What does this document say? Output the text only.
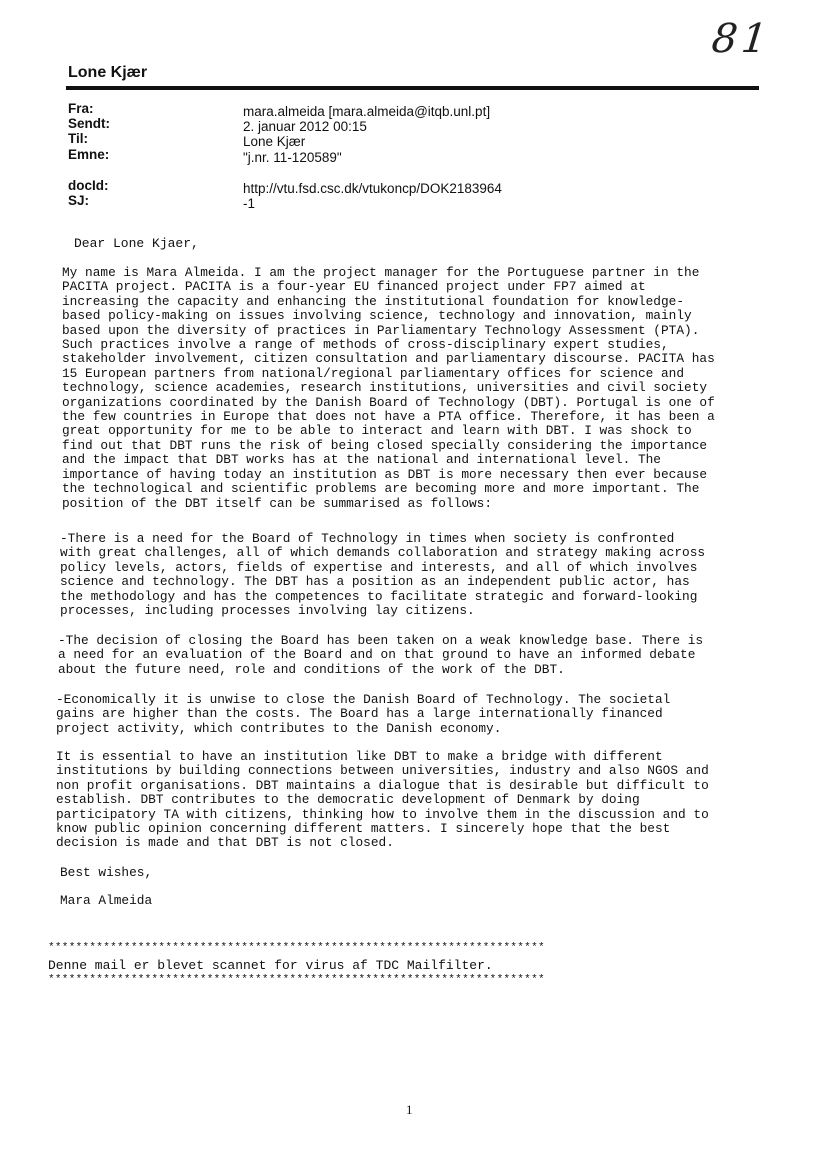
81
Lone Kjær
Fra:	mara.almeida [mara.almeida@itqb.unl.pt]
Sendt:	2. januar 2012 00:15
Til:	Lone Kjær
Emne:	"j.nr. 11-120589"
docId:	http://vtu.fsd.csc.dk/vtukoncp/DOK2183964
SJ:	-1
Dear Lone Kjaer,
My name is Mara Almeida. I am the project manager for the Portuguese partner in the
PACITA project. PACITA is a four-year EU financed project under FP7 aimed at
increasing the capacity and enhancing the institutional foundation for knowledge-
based policy-making on issues involving science, technology and innovation, mainly
based upon the diversity of practices in Parliamentary Technology Assessment (PTA).
Such practices involve a range of methods of cross-disciplinary expert studies,
stakeholder involvement, citizen consultation and parliamentary discourse. PACITA has
15 European partners from national/regional parliamentary offices for science and
technology, science academies, research institutions, universities and civil society
organizations coordinated by the Danish Board of Technology (DBT). Portugal is one of
the few countries in Europe that does not have a PTA office. Therefore, it has been a
great opportunity for me to be able to interact and learn with DBT. I was shock to
find out that DBT runs the risk of being closed specially considering the importance
and the impact that DBT works has at the national and international level. The
importance of having today an institution as DBT is more necessary then ever because
the technological and scientific problems are becoming more and more important. The
position of the DBT itself can be summarised as follows:
-There is a need for the Board of Technology in times when society is confronted
with great challenges, all of which demands collaboration and strategy making across
policy levels, actors, fields of expertise and interests, and all of which involves
science and technology. The DBT has a position as an independent public actor, has
the methodology and has the competences to facilitate strategic and forward-looking
processes, including processes involving lay citizens.
-The decision of closing the Board has been taken on a weak knowledge base. There is
a need for an evaluation of the Board and on that ground to have an informed debate
about the future need, role and conditions of the work of the DBT.
-Economically it is unwise to close the Danish Board of Technology. The societal
gains are higher than the costs. The Board has a large internationally financed
project activity, which contributes to the Danish economy.
It is essential to have an institution like DBT to make a bridge with different
institutions by building connections between universities, industry and also NGOS and
non profit organisations. DBT maintains a dialogue that is desirable but difficult to
establish. DBT contributes to the democratic development of Denmark by doing
participatory TA with citizens, thinking how to involve them in the discussion and to
know public opinion concerning different matters. I sincerely hope that the best
decision is made and that DBT is not closed.
Best wishes,
Mara Almeida
************************************************************************
Denne mail er blevet scannet for virus af TDC Mailfilter.
************************************************************************
1
